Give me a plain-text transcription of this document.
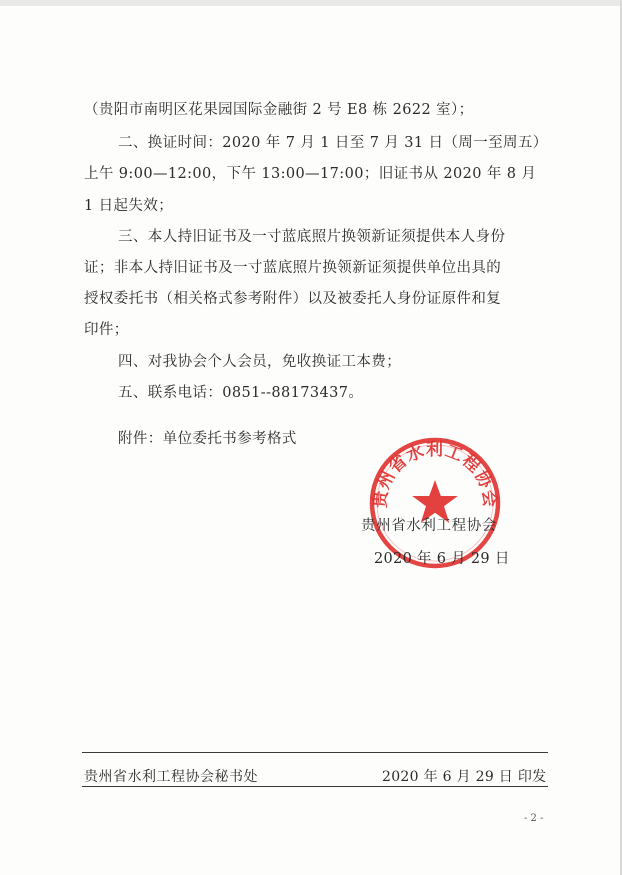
（贵阳市南明区花果园国际金融街 2 号 E8 栋 2622 室）；
二、换证时间：2020 年 7 月 1 日至 7 月 31 日（周一至周五）
上午 9:00—12:00，下午 13:00—17:00；旧证书从 2020 年 8 月
1 日起失效；
三、本人持旧证书及一寸蓝底照片换领新证须提供本人身份
证；非本人持旧证书及一寸蓝底照片换领新证须提供单位出具的
授权委托书（相关格式参考附件）以及被委托人身份证原件和复
印件；
四、对我协会个人会员，免收换证工本费；
五、联系电话：0851--88173437。
附件：单位委托书参考格式
贵州省水利工程协会
贵州省水利工程协会
2020 年 6 月 29 日
贵州省水利工程协会秘书处	2020 年 6 月 29 日 印发
- 2 -
